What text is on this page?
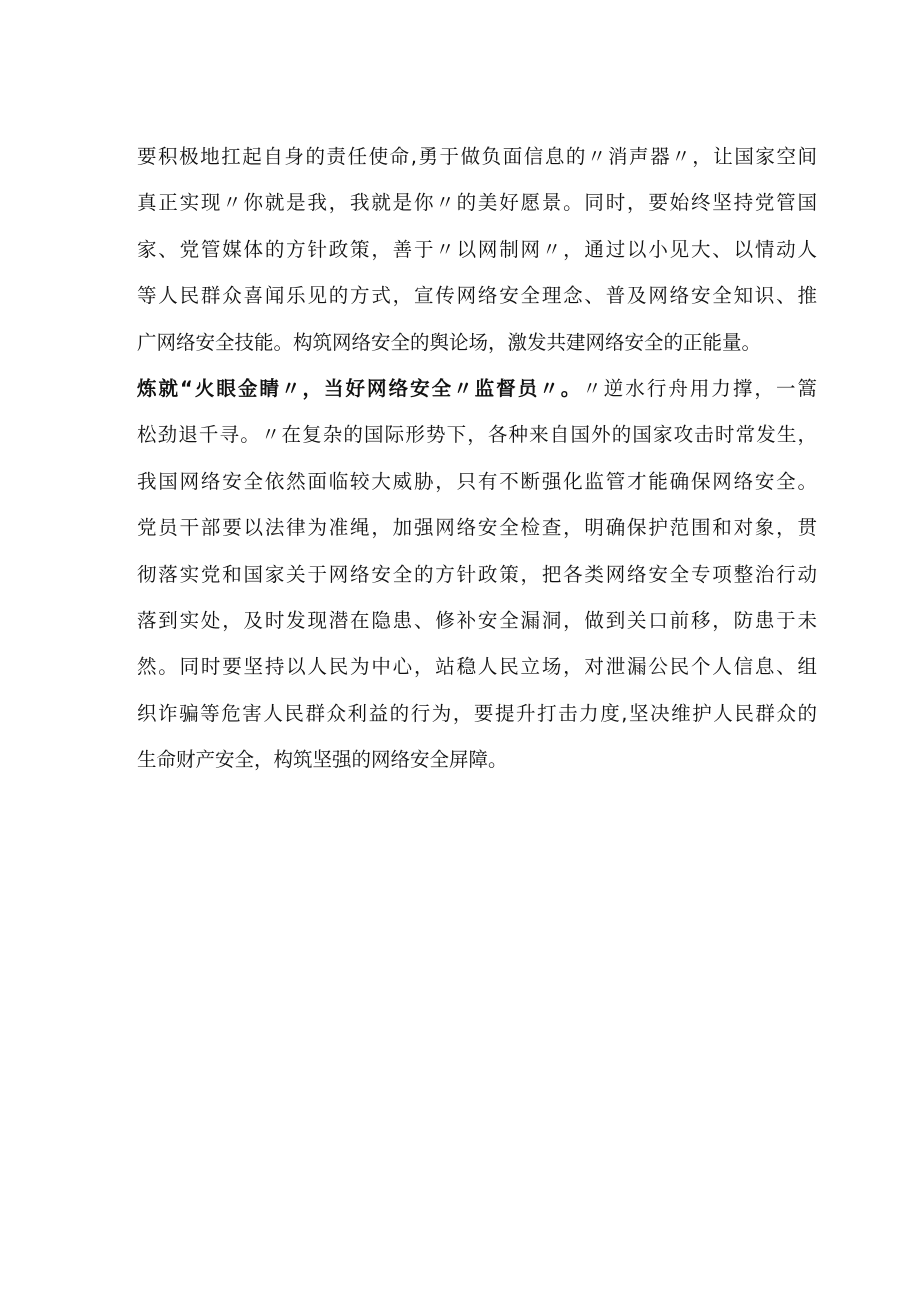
要积极地扛起自身的责任使命,勇于做负面信息的〃消声器〃，让国家空间
真正实现〃你就是我，我就是你〃的美好愿景。同时，要始终坚持党管国
家、党管媒体的方针政策，善于〃以网制网〃，通过以小见大、以情动人
等人民群众喜闻乐见的方式，宣传网络安全理念、普及网络安全知识、推
广网络安全技能。构筑网络安全的舆论场，激发共建网络安全的正能量。
炼就“火眼金睛〃，当好网络安全〃监督员〃。〃逆水行舟用力撑，一篙
松劲退千寻。〃在复杂的国际形势下，各种来自国外的国家攻击时常发生，
我国网络安全依然面临较大威胁，只有不断强化监管才能确保网络安全。
党员干部要以法律为准绳，加强网络安全检查，明确保护范围和对象，贯
彻落实党和国家关于网络安全的方针政策，把各类网络安全专项整治行动
落到实处，及时发现潜在隐患、修补安全漏洞，做到关口前移，防患于未
然。同时要坚持以人民为中心，站稳人民立场，对泄漏公民个人信息、组
织诈骗等危害人民群众利益的行为，要提升打击力度,坚决维护人民群众的
生命财产安全，构筑坚强的网络安全屏障。
